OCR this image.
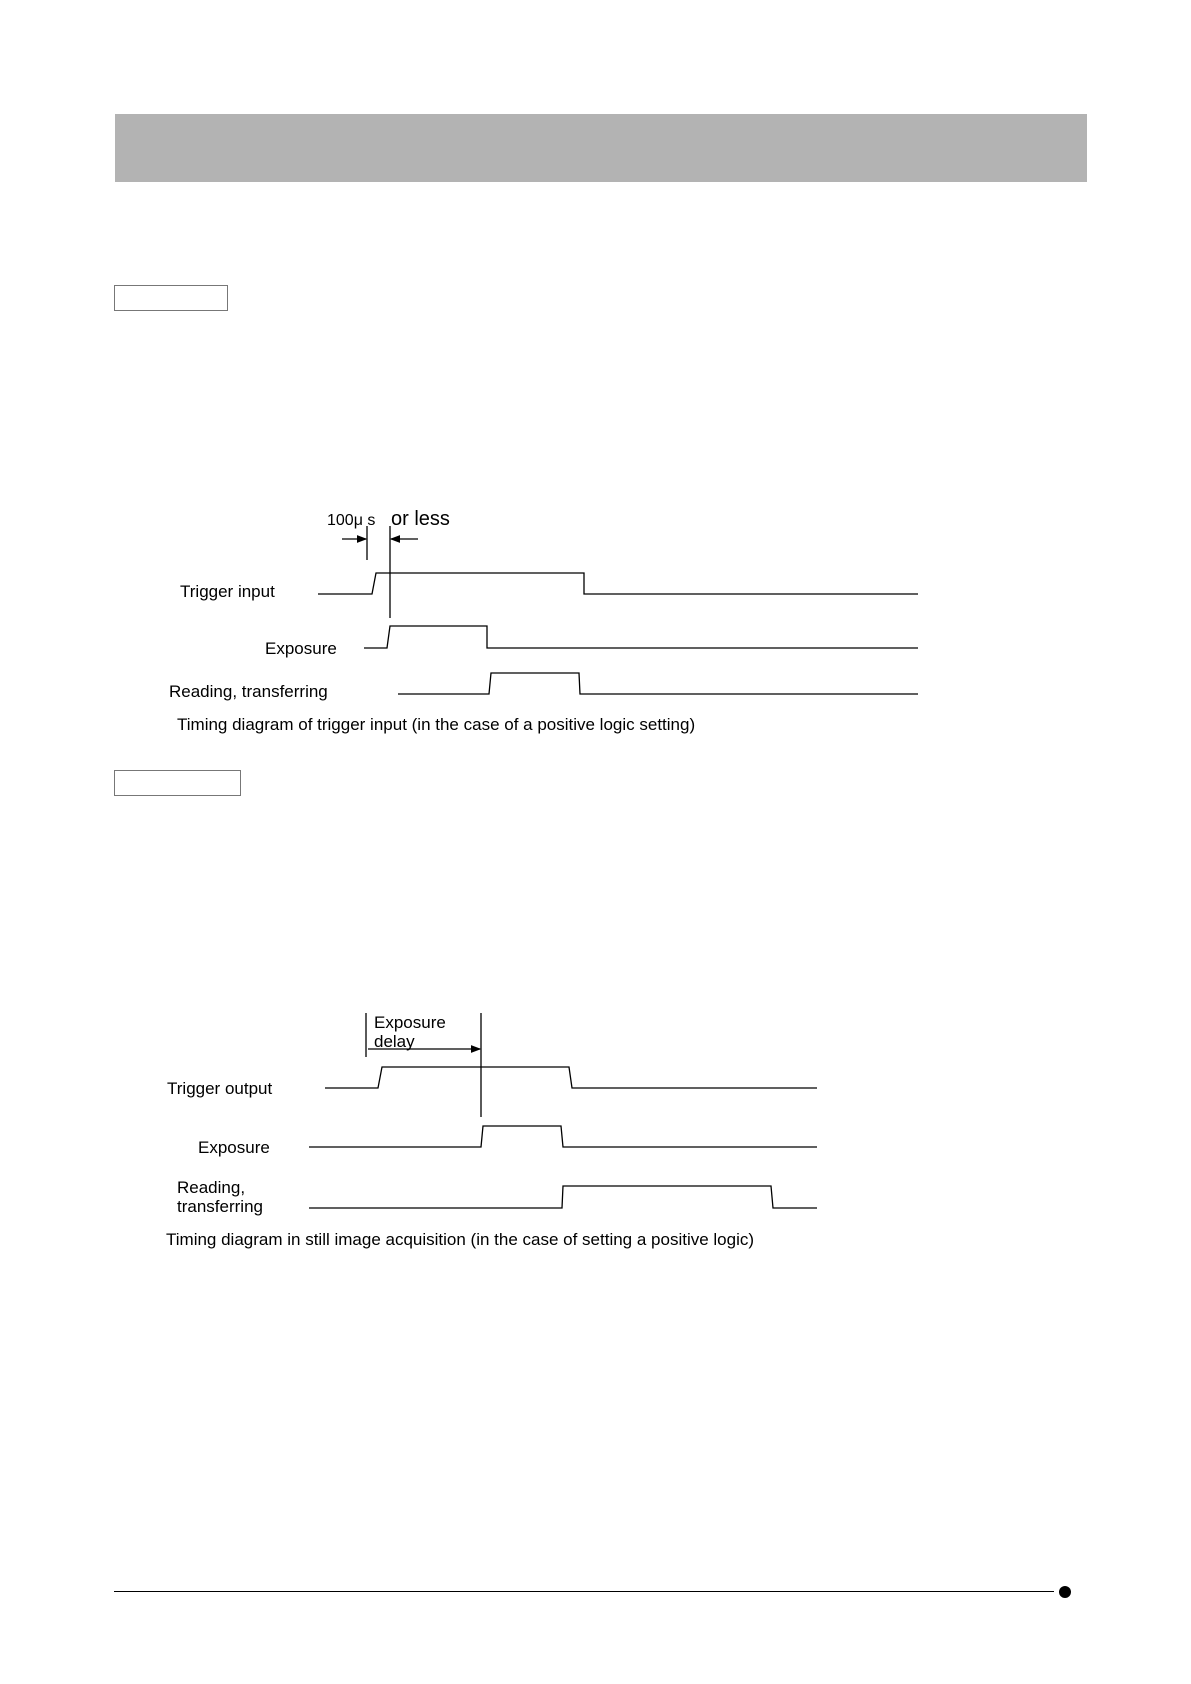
100μ s or less
Trigger input
Exposure
Reading, transferring
Timing diagram of trigger input (in the case of a positive logic setting)
Exposure
delay
Trigger output
Exposure
Reading,
transferring
Timing diagram in still image acquisition (in the case of setting a positive logic)
